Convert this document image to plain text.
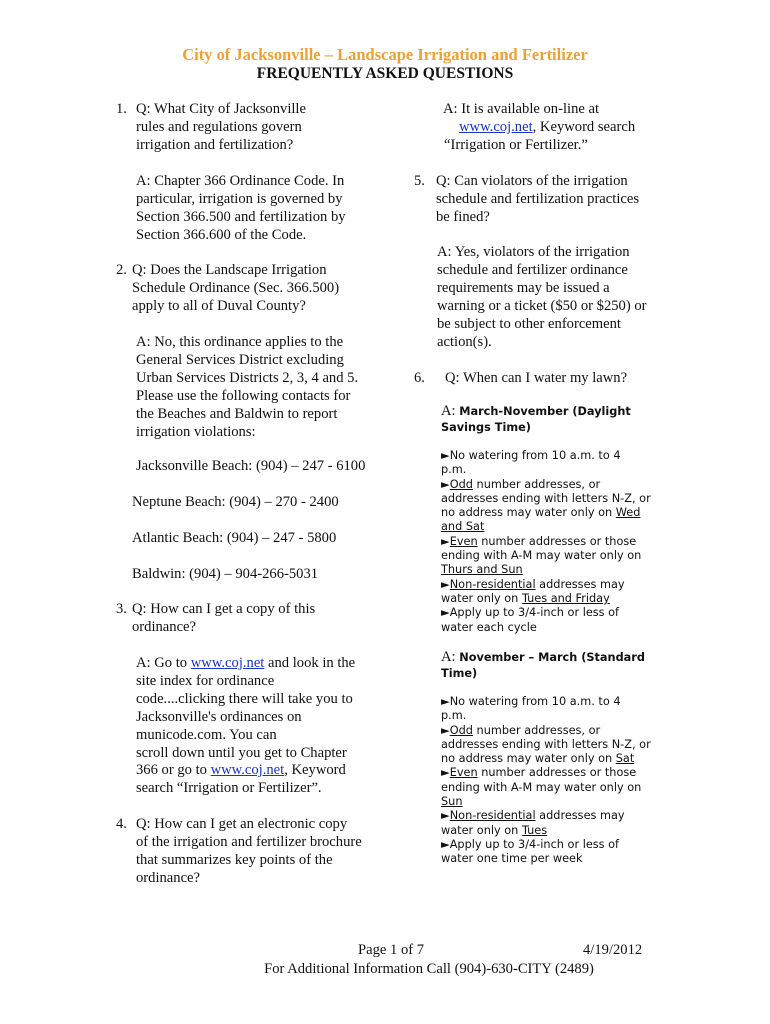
City of Jacksonville – Landscape Irrigation and Fertilizer
FREQUENTLY ASKED QUESTIONS
1. Q: What City of Jacksonville
rules and regulations govern
irrigation and fertilization?
A: Chapter 366 Ordinance Code. In
particular, irrigation is governed by
Section 366.500 and fertilization by
Section 366.600 of the Code.
2. Q: Does the Landscape Irrigation
Schedule Ordinance (Sec. 366.500)
apply to all of Duval County?
A: No, this ordinance applies to the
General Services District excluding
Urban Services Districts 2, 3, 4 and 5.
Please use the following contacts for
the Beaches and Baldwin to report
irrigation violations:
Jacksonville Beach: (904) – 247 - 6100
Neptune Beach: (904) – 270 - 2400
Atlantic Beach: (904) – 247 - 5800
Baldwin: (904) – 904-266-5031
3. Q: How can I get a copy of this
ordinance?
A: Go to www.coj.net and look in the
site index for ordinance
code....clicking there will take you to
Jacksonville's ordinances on
municode.com. You can
scroll down until you get to Chapter
366 or go to www.coj.net, Keyword
search “Irrigation or Fertilizer”.
4. Q: How can I get an electronic copy
of the irrigation and fertilizer brochure
that summarizes key points of the
ordinance?
A: It is available on-line at
www.coj.net, Keyword search
“Irrigation or Fertilizer.”
5. Q: Can violators of the irrigation
schedule and fertilization practices
be fined?
A: Yes, violators of the irrigation
schedule and fertilizer ordinance
requirements may be issued a
warning or a ticket ($50 or $250) or
be subject to other enforcement
action(s).
6. Q: When can I water my lawn?
A: March-November (Daylight
Savings Time)
►No watering from 10 a.m. to 4
p.m.
►Odd number addresses, or
addresses ending with letters N-Z, or
no address may water only on Wed
and Sat
►Even number addresses or those
ending with A-M may water only on
Thurs and Sun
►Non-residential addresses may
water only on Tues and Friday
►Apply up to 3/4-inch or less of
water each cycle
A: November – March (Standard
Time)
►No watering from 10 a.m. to 4
p.m.
►Odd number addresses, or
addresses ending with letters N-Z, or
no address may water only on Sat
►Even number addresses or those
ending with A-M may water only on
Sun
►Non-residential addresses may
water only on Tues
►Apply up to 3/4-inch or less of
water one time per week
Page 1 of 7	4/19/2012
For Additional Information Call (904)-630-CITY (2489)
